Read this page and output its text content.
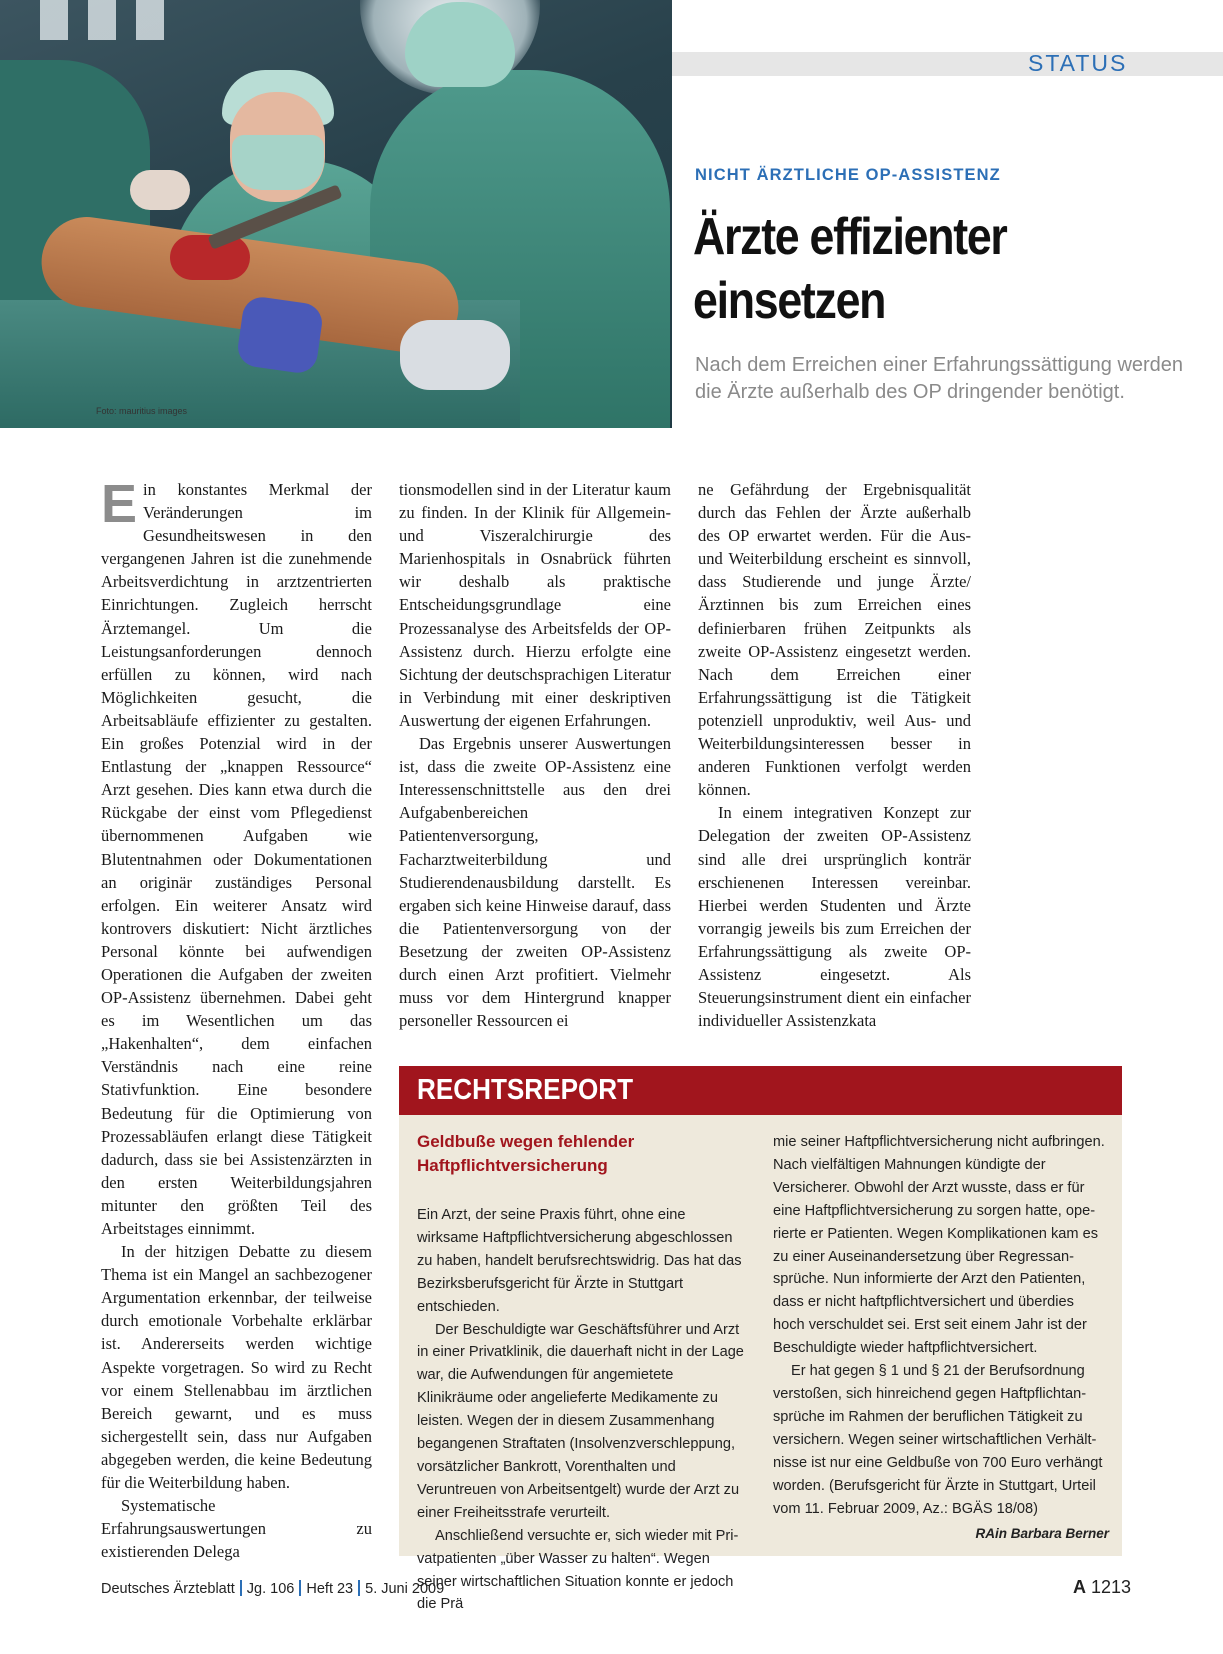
Foto: mauritius images
STATUS
NICHT ÄRZTLICHE OP-ASSISTENZ
Ärzte effizienter
einsetzen
Nach dem Erreichen einer Erfahrungssättigung werden die Ärzte außerhalb des OP dringender benötigt.
E in konstantes Merkmal der Veränderungen im Gesundheitswesen in den vergangenen Jahren ist die zunehmende Arbeitsverdichtung in arztzentrierten Einrichtungen. Zugleich herrscht Ärztemangel. Um die Leistungsanforderungen dennoch erfüllen zu können, wird nach Möglichkeiten gesucht, die Arbeitsabläufe effizienter zu gestalten. Ein großes Potenzial wird in der Entlastung der „knappen Ressource“ Arzt gesehen. Dies kann etwa durch die Rückgabe der einst vom Pflegedienst übernommenen Aufgaben wie Blutentnahmen oder Dokumentationen an originär zuständiges Personal erfolgen. Ein weiterer Ansatz wird kontrovers diskutiert: Nicht ärztliches Personal könnte bei aufwendigen Operationen die Aufgaben der zweiten OP-Assistenz übernehmen. Dabei geht es im Wesentlichen um das „Hakenhalten“, dem einfachen Verständnis nach eine reine Stativfunktion. Eine besondere Bedeutung für die Optimierung von Prozessabläufen erlangt diese Tätigkeit dadurch, dass sie bei Assistenzärzten in den ersten Weiterbildungsjahren mitunter den größten Teil des Arbeitstages einnimmt.

In der hitzigen Debatte zu diesem Thema ist ein Mangel an sachbezogener Argumentation erkennbar, der teilweise durch emotionale Vorbehalte erklärbar ist. Andererseits werden wichtige Aspekte vorgetragen. So wird zu Recht vor einem Stellenabbau im ärztlichen Bereich gewarnt, und es muss sichergestellt sein, dass nur Aufgaben abgegeben werden, die keine Bedeutung für die Weiterbildung haben.

Systematische Erfahrungsauswertungen zu existierenden Delega

tionsmodellen sind in der Literatur kaum zu finden. In der Klinik für Allgemein- und Viszeralchirurgie des Marienhospitals in Osnabrück führten wir deshalb als praktische Entscheidungsgrundlage eine Prozessanalyse des Arbeitsfelds der OP-Assistenz durch. Hierzu erfolgte eine Sichtung der deutschsprachigen Literatur in Verbindung mit einer deskriptiven Auswertung der eigenen Erfahrungen.

Das Ergebnis unserer Auswertungen ist, dass die zweite OP-Assistenz eine Interessenschnittstelle aus den drei Aufgabenbereichen Patientenversorgung, Facharztweiterbildung und Studierendenausbildung darstellt. Es ergaben sich keine Hinweise darauf, dass die Patientenversorgung von der Besetzung der zweiten OP-Assistenz durch einen Arzt profitiert. Vielmehr muss vor dem Hintergrund knapper personeller Ressourcen ei

ne Gefährdung der Ergebnisqualität durch das Fehlen der Ärzte außerhalb des OP erwartet werden. Für die Aus- und Weiterbildung erscheint es sinnvoll, dass Studierende und junge Ärzte/Ärztinnen bis zum Erreichen eines definierbaren frühen Zeitpunkts als zweite OP-Assistenz eingesetzt werden. Nach dem Erreichen einer Erfahrungssättigung ist die Tätigkeit potenziell unproduktiv, weil Aus- und Weiterbildungsinteressen besser in anderen Funktionen verfolgt werden können.

In einem integrativen Konzept zur Delegation der zweiten OP-Assistenz sind alle drei ursprünglich konträr erschienenen Interessen vereinbar. Hierbei werden Studenten und Ärzte vorrangig jeweils bis zum Erreichen der Erfahrungssättigung als zweite OP-Assistenz eingesetzt. Als Steuerungsinstrument dient ein einfacher individueller Assistenzkata

RECHTSREPORT
Geldbuße wegen fehlender Haftpflichtversicherung

Ein Arzt, der seine Praxis führt, ohne eine wirksame Haftpflichtversicherung abgeschlossen zu haben, handelt berufsrechtswidrig. Das hat das Bezirksberufsgericht für Ärzte in Stuttgart entschieden.

Der Beschuldigte war Geschäftsführer und Arzt in einer Privatklinik, die dauerhaft nicht in der Lage war, die Aufwendungen für angemietete Klinikräume oder angelieferte Medikamente zu leisten. Wegen der in diesem Zusammenhang begangenen Straftaten (Insolvenzverschleppung, vorsätzlicher Bankrott, Vorenthalten und Veruntreuen von Arbeitsentgelt) wurde der Arzt zu einer Freiheitsstrafe verurteilt.

Anschließend versuchte er, sich wieder mit Privatpatienten „über Wasser zu halten“. Wegen seiner wirtschaftlichen Situation konnte er jedoch die Prä

mie seiner Haftpflichtversicherung nicht aufbringen. Nach vielfältigen Mahnungen kündigte der Versicherer. Obwohl der Arzt wusste, dass er für eine Haftpflichtversicherung zu sorgen hatte, operierte er Patienten. Wegen Komplikationen kam es zu einer Auseinandersetzung über Regressansprüche. Nun informierte der Arzt den Patienten, dass er nicht haftpflichtversichert und überdies hoch verschuldet sei. Erst seit einem Jahr ist der Beschuldigte wieder haftpflichtversichert.

Er hat gegen § 1 und § 21 der Berufsordnung verstoßen, sich hinreichend gegen Haftpflichtansprüche im Rahmen der beruflichen Tätigkeit zu versichern. Wegen seiner wirtschaftlichen Verhältnisse ist nur eine Geldbuße von 700 Euro verhängt worden. (Berufsgericht für Ärzte in Stuttgart, Urteil vom 11. Februar 2009, Az.: BGÄS 18/08)
RAin Barbara Berner

Deutsches Ärzteblatt Jg. 106 Heft 23 5. Juni 2009	A 1213
